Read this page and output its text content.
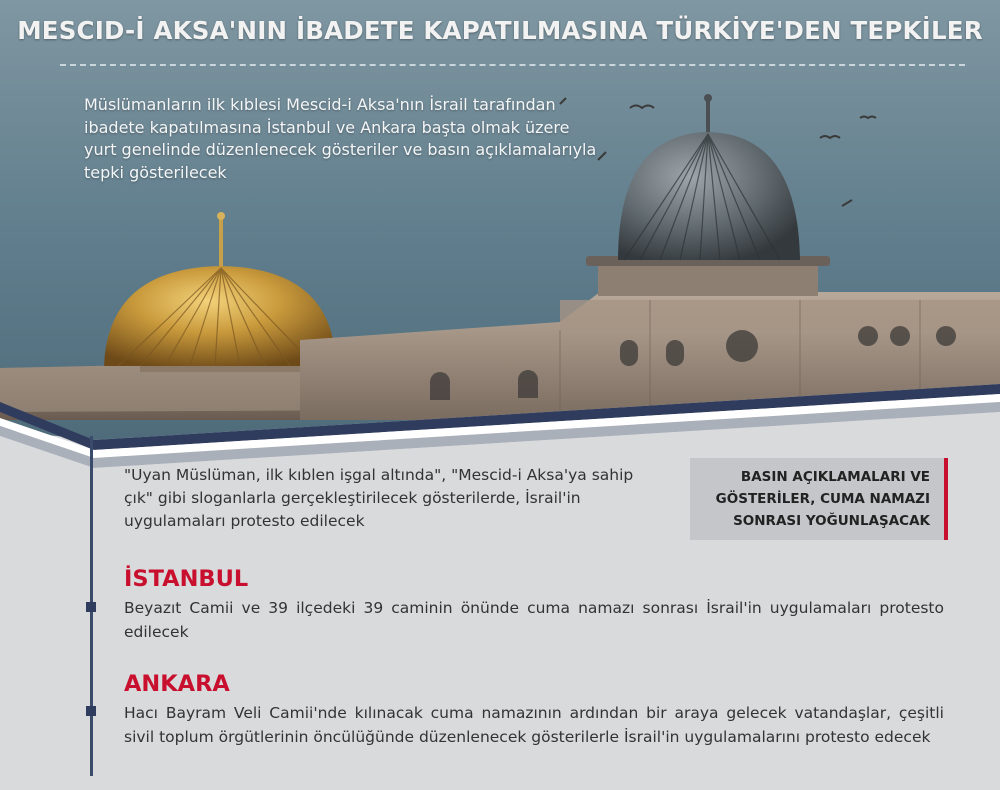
MESCID-İ AKSA'NIN İBADETE KAPATILMASINA TÜRKİYE'DEN TEPKİLER
Müslümanların ilk kıblesi Mescid-i Aksa'nın İsrail tarafından ibadete kapatılmasına İstanbul ve Ankara başta olmak üzere yurt genelinde düzenlenecek gösteriler ve basın açıklamalarıyla tepki gösterilecek
"Uyan Müslüman, ilk kıblen işgal altında", "Mescid-i Aksa'ya sahip çık" gibi sloganlarla gerçekleştirilecek gösterilerde, İsrail'in uygulamaları protesto edilecek
BASIN AÇIKLAMALARI VE
GÖSTERİLER, CUMA NAMAZI
SONRASI YOĞUNLAŞACAK
İSTANBUL
Beyazıt Camii ve 39 ilçedeki 39 caminin önünde cuma namazı sonrası İsrail'in uygulamaları protesto edilecek
ANKARA
Hacı Bayram Veli Camii'nde kılınacak cuma namazının ardından bir araya gelecek vatandaşlar, çeşitli sivil toplum örgütlerinin öncülüğünde düzenlenecek gösterilerle İsrail'in uygulamalarını protesto edecek
